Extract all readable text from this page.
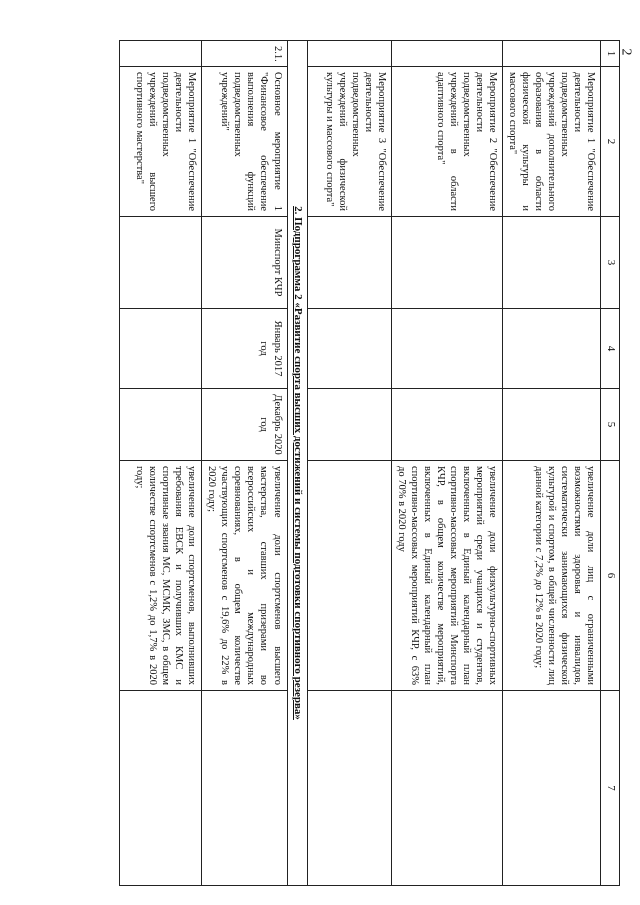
2
1	2	3	4	5	6	7
	Мероприятие 1 "Обеспечение деятельности подведомственных учреждений дополнительного образования в области физической культуры и массового спорта"				увеличение доли лиц с ограниченными возможностями здоровья и инвалидов, систематически занимающихся физической культурой и спортом, в общей численности лиц данной категории с 7,2% до 12% в 2020 году;	
	Мероприятие 2 "Обеспечение деятельности подведомственных учреждений в области адаптивного спорта"				увеличение доли физкультурно-спортивных мероприятий среди учащихся и студентов, включенных в Единый календарный план спортивно-массовых мероприятий Минспорта КЧР, в общем количестве мероприятий, включенных в Единый календарный план спортивно-массовых мероприятий КЧР, с 63% до 70% в 2020 году	
	Мероприятие 3 "Обеспечение деятельности подведомственных учреждений физической культуры и массового спорта"					
2. Подпрограмма 2 «Развитие спорта высших достижений и системы подготовки спортивного резерва»						
2.1.	Основное мероприятие 1 "Финансовое обеспечение выполнения функций подведомственных учреждений"	Минспорт КЧР	Январь 2017 год	Декабрь 2020 год	увеличение доли спортсменов высшего мастерства, ставших призерами во всероссийских и международных соревнованиях, в общем количестве участвующих спортсменов с 19,6% до 22% в 2020 году;	
	Мероприятие 1 "Обеспечение деятельности подведомственных учреждений высшего спортивного мастерства"				увеличение доли спортсменов, выполнивших требования ЕВСК и получивших КМС и спортивные звания МС, МСМК, ЗМС, в общем количестве спортсменов с 1,2% до 1,7% в 2020 году;	
